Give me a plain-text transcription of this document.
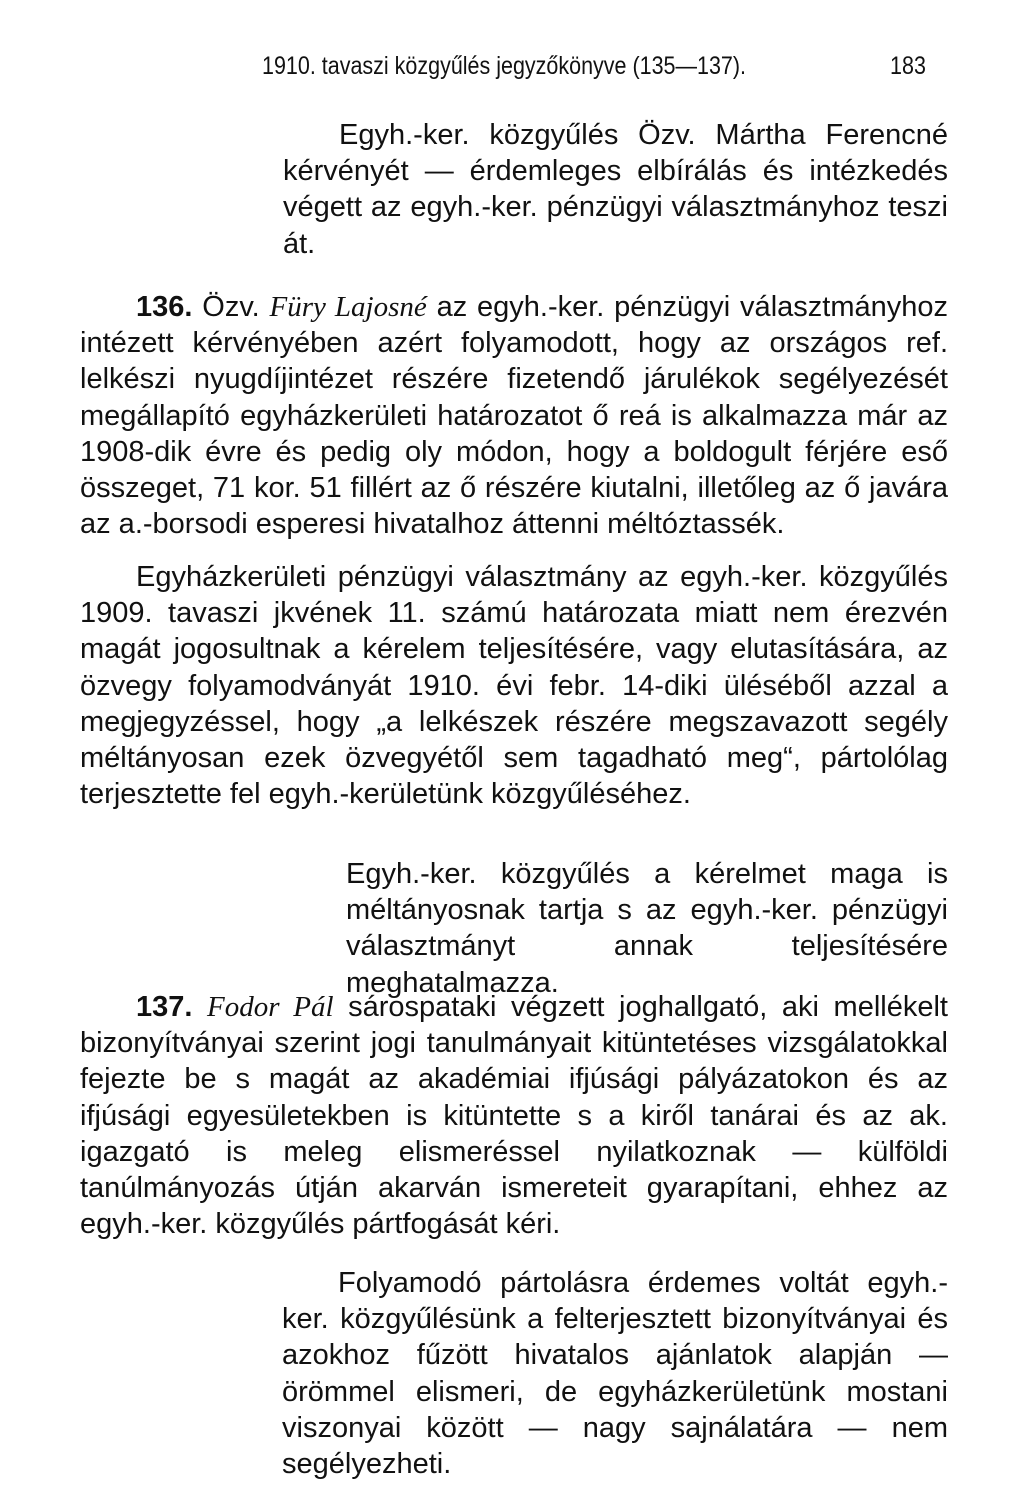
1910. tavaszi közgyűlés jegyzőkönyve (135—137).	183

Egyh.-ker. közgyűlés Özv. Mártha Ferencné kérvényét — érdemleges elbírálás és intézkedés végett az egyh.-ker. pénzügyi választmányhoz teszi át.

136. Özv. Füry Lajosné az egyh.-ker. pénzügyi választmányhoz intézett kérvényében azért folyamodott, hogy az országos ref. lelkészi nyugdíjintézet részére fizetendő járulékok segélyezését megállapító egyházkerületi határozatot ő reá is alkalmazza már az 1908-dik évre és pedig oly módon, hogy a boldogult férjére eső összeget, 71 kor. 51 fillért az ő részére kiutalni, illetőleg az ő javára az a.-borsodi esperesi hivatalhoz áttenni méltóztassék.

Egyházkerületi pénzügyi választmány az egyh.-ker. közgyűlés 1909. tavaszi jkvének 11. számú határozata miatt nem érezvén magát jogosultnak a kérelem teljesítésére, vagy elutasítására, az özvegy folyamodványát 1910. évi febr. 14-diki üléséből azzal a megjegyzéssel, hogy „a lelkészek részére megszavazott segély méltányosan ezek özvegyétől sem tagadható meg“, pártolólag terjesztette fel egyh.-kerületünk közgyűléséhez.

Egyh.-ker. közgyűlés a kérelmet maga is méltányosnak tartja s az egyh.-ker. pénzügyi választmányt annak teljesítésére meghatalmazza.

137. Fodor Pál sárospataki végzett joghallgató, aki mellékelt bizonyítványai szerint jogi tanulmányait kitüntetéses vizsgálatokkal fejezte be s magát az akadémiai ifjúsági pályázatokon és az ifjúsági egyesületekben is kitüntette s a kiről tanárai és az ak. igazgató is meleg elismeréssel nyilatkoznak — külföldi tanúlmányozás útján akarván ismereteit gyarapítani, ehhez az egyh.-ker. közgyűlés pártfogását kéri.

Folyamodó pártolásra érdemes voltát egyh.-ker. közgyűlésünk a felterjesztett bizonyítványai és azokhoz fűzött hivatalos ajánlatok alapján — örömmel elismeri, de egyházkerületünk mostani viszonyai között — nagy sajnálatára — nem segélyezheti.
